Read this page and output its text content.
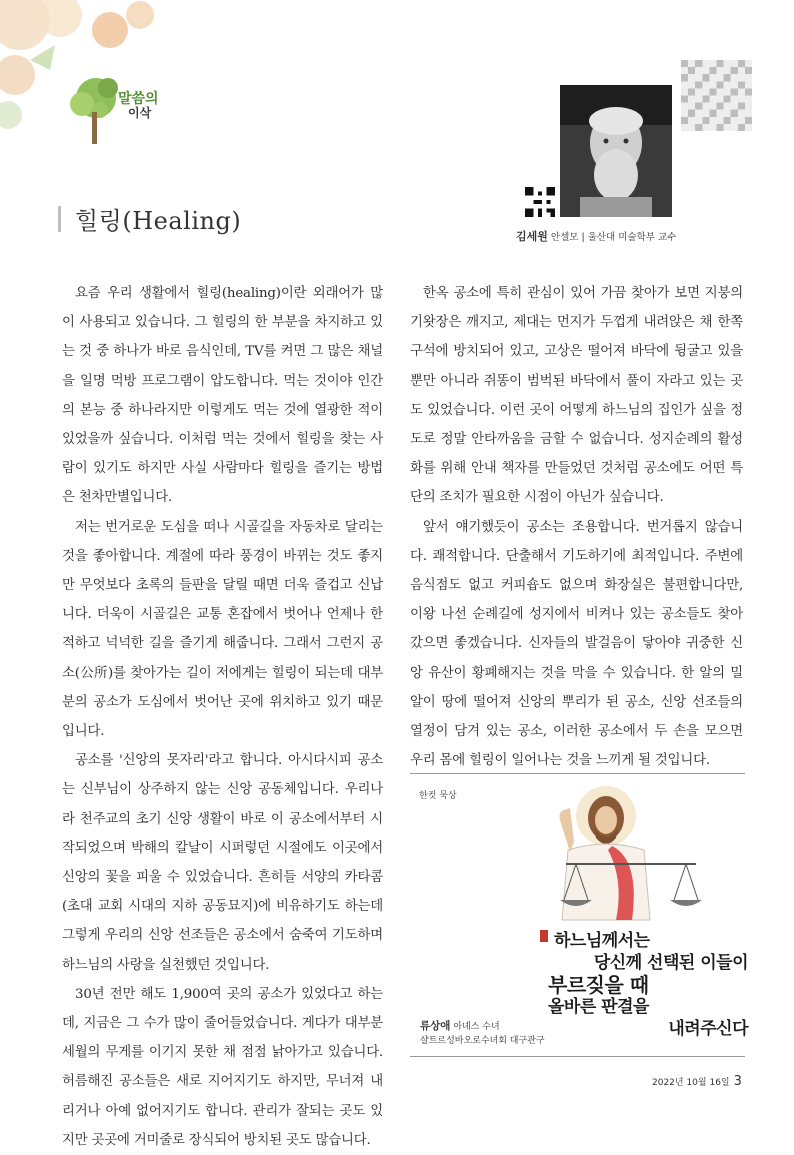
말씀의
이삭
힐링(Healing)
김세원 안셀모 | 울산대 미술학부 교수

요즘 우리 생활에서 힐링(healing)이란 외래어가 많이 사용되고 있습니다. 그 힐링의 한 부분을 차지하고 있는 것 중 하나가 바로 음식인데, TV를 켜면 그 많은 채널을 일명 먹방 프로그램이 압도합니다. 먹는 것이야 인간의 본능 중 하나라지만 이렇게도 먹는 것에 열광한 적이 있었을까 싶습니다. 이처럼 먹는 것에서 힐링을 찾는 사람이 있기도 하지만 사실 사람마다 힐링을 즐기는 방법은 천차만별입니다.

저는 번거로운 도심을 떠나 시골길을 자동차로 달리는 것을 좋아합니다. 계절에 따라 풍경이 바뀌는 것도 좋지만 무엇보다 초록의 들판을 달릴 때면 더욱 즐겁고 신납니다. 더욱이 시골길은 교통 혼잡에서 벗어나 언제나 한적하고 넉넉한 길을 즐기게 해줍니다. 그래서 그런지 공소(公所)를 찾아가는 길이 저에게는 힐링이 되는데 대부분의 공소가 도심에서 벗어난 곳에 위치하고 있기 때문입니다.

공소를 '신앙의 못자리'라고 합니다. 아시다시피 공소는 신부님이 상주하지 않는 신앙 공동체입니다. 우리나라 천주교의 초기 신앙 생활이 바로 이 공소에서부터 시작되었으며 박해의 칼날이 시퍼렇던 시절에도 이곳에서 신앙의 꽃을 피울 수 있었습니다. 흔히들 서양의 카타콤(초대 교회 시대의 지하 공동묘지)에 비유하기도 하는데 그렇게 우리의 신앙 선조들은 공소에서 숨죽여 기도하며 하느님의 사랑을 실천했던 것입니다.

30년 전만 해도 1,900여 곳의 공소가 있었다고 하는데, 지금은 그 수가 많이 줄어들었습니다. 게다가 대부분 세월의 무게를 이기지 못한 채 점점 낡아가고 있습니다. 허름해진 공소들은 새로 지어지기도 하지만, 무너져 내리거나 아예 없어지기도 합니다. 관리가 잘되는 곳도 있지만 곳곳에 거미줄로 장식되어 방치된 곳도 많습니다.

한옥 공소에 특히 관심이 있어 가끔 찾아가 보면 지붕의 기왓장은 깨지고, 제대는 먼지가 두껍게 내려앉은 채 한쪽 구석에 방치되어 있고, 고상은 떨어져 바닥에 뒹굴고 있을 뿐만 아니라 쥐똥이 범벅된 바닥에서 풀이 자라고 있는 곳도 있었습니다. 이런 곳이 어떻게 하느님의 집인가 싶을 정도로 정말 안타까움을 금할 수 없습니다. 성지순례의 활성화를 위해 안내 책자를 만들었던 것처럼 공소에도 어떤 특단의 조치가 필요한 시점이 아닌가 싶습니다.

앞서 얘기했듯이 공소는 조용합니다. 번거롭지 않습니다. 쾌적합니다. 단출해서 기도하기에 최적입니다. 주변에 음식점도 없고 커피숍도 없으며 화장실은 불편합니다만, 이왕 나선 순례길에 성지에서 비켜나 있는 공소들도 찾아갔으면 좋겠습니다. 신자들의 발걸음이 닿아야 귀중한 신앙 유산이 황폐해지는 것을 막을 수 있습니다. 한 알의 밀알이 땅에 떨어져 신앙의 뿌리가 된 공소, 신앙 선조들의 열정이 담겨 있는 공소, 이러한 공소에서 두 손을 모으면 우리 몸에 힐링이 일어나는 것을 느끼게 될 것입니다.

한컷 묵상
하느님께서는
당신께 선택된 이들이
부르짖을 때
올바른 판결을
내려주신다
류상애 아녜스 수녀
샬트르성바오로수녀회 대구관구
2022년 10월 16일 3
